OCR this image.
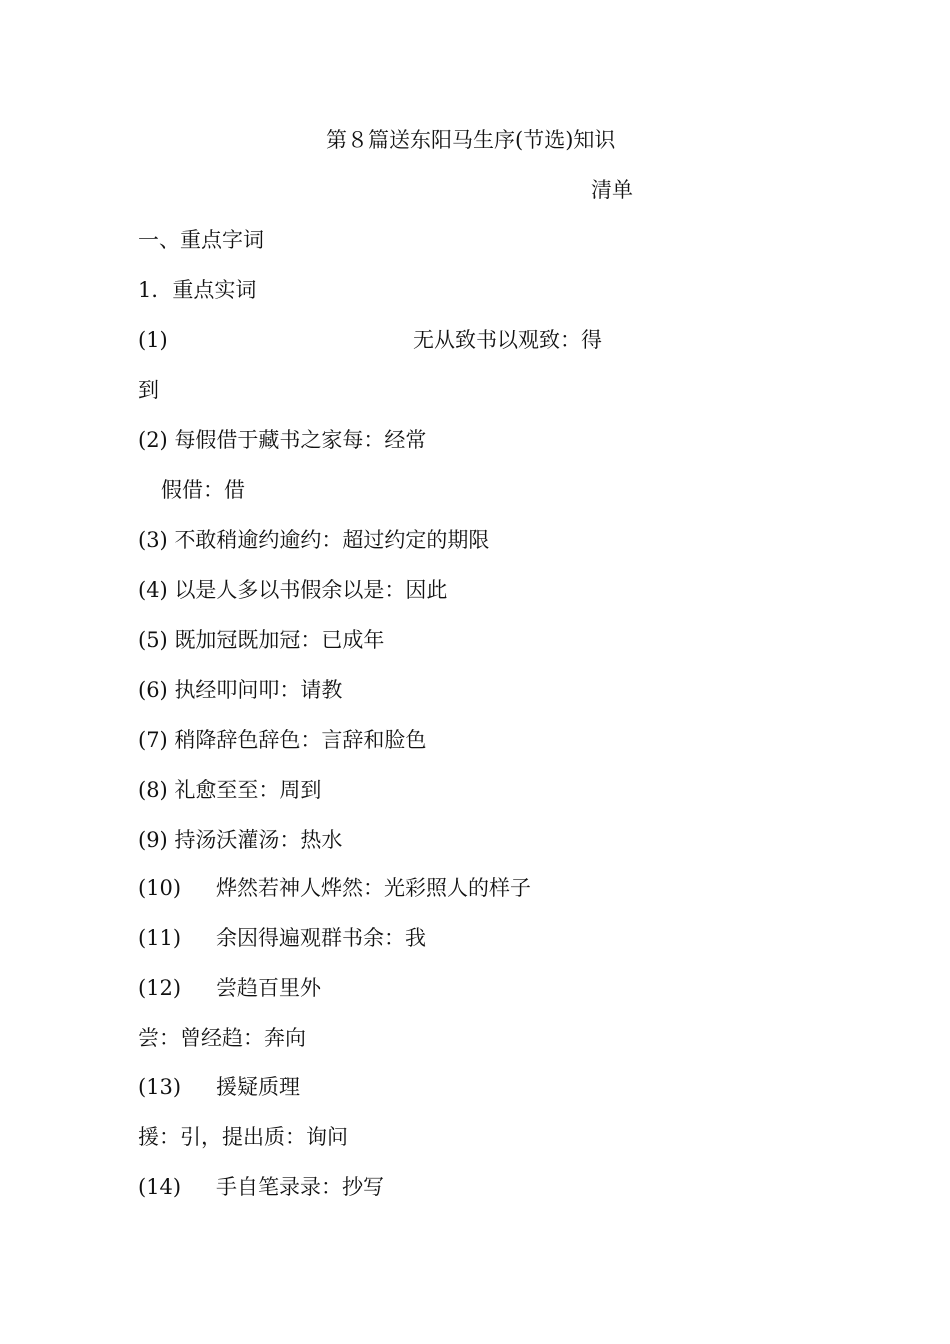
第８篇送东阳马生序(节选)知识
清单
一、重点字词
1．重点实词
(1)	无从致书以观致：得
到
(2) 每假借于藏书之家每：经常
假借：借
(3) 不敢稍逾约逾约：超过约定的期限
(4) 以是人多以书假余以是：因此
(5) 既加冠既加冠：已成年
(6) 执经叩问叩：请教
(7) 稍降辞色辞色：言辞和脸色
(8) 礼愈至至：周到
(9) 持汤沃灌汤：热水
(10) 烨然若神人烨然：光彩照人的样子
(11) 余因得遍观群书余：我
(12) 尝趋百里外
尝：曾经趋：奔向
(13) 援疑质理
援：引，提出质：询问
(14) 手自笔录录：抄写
